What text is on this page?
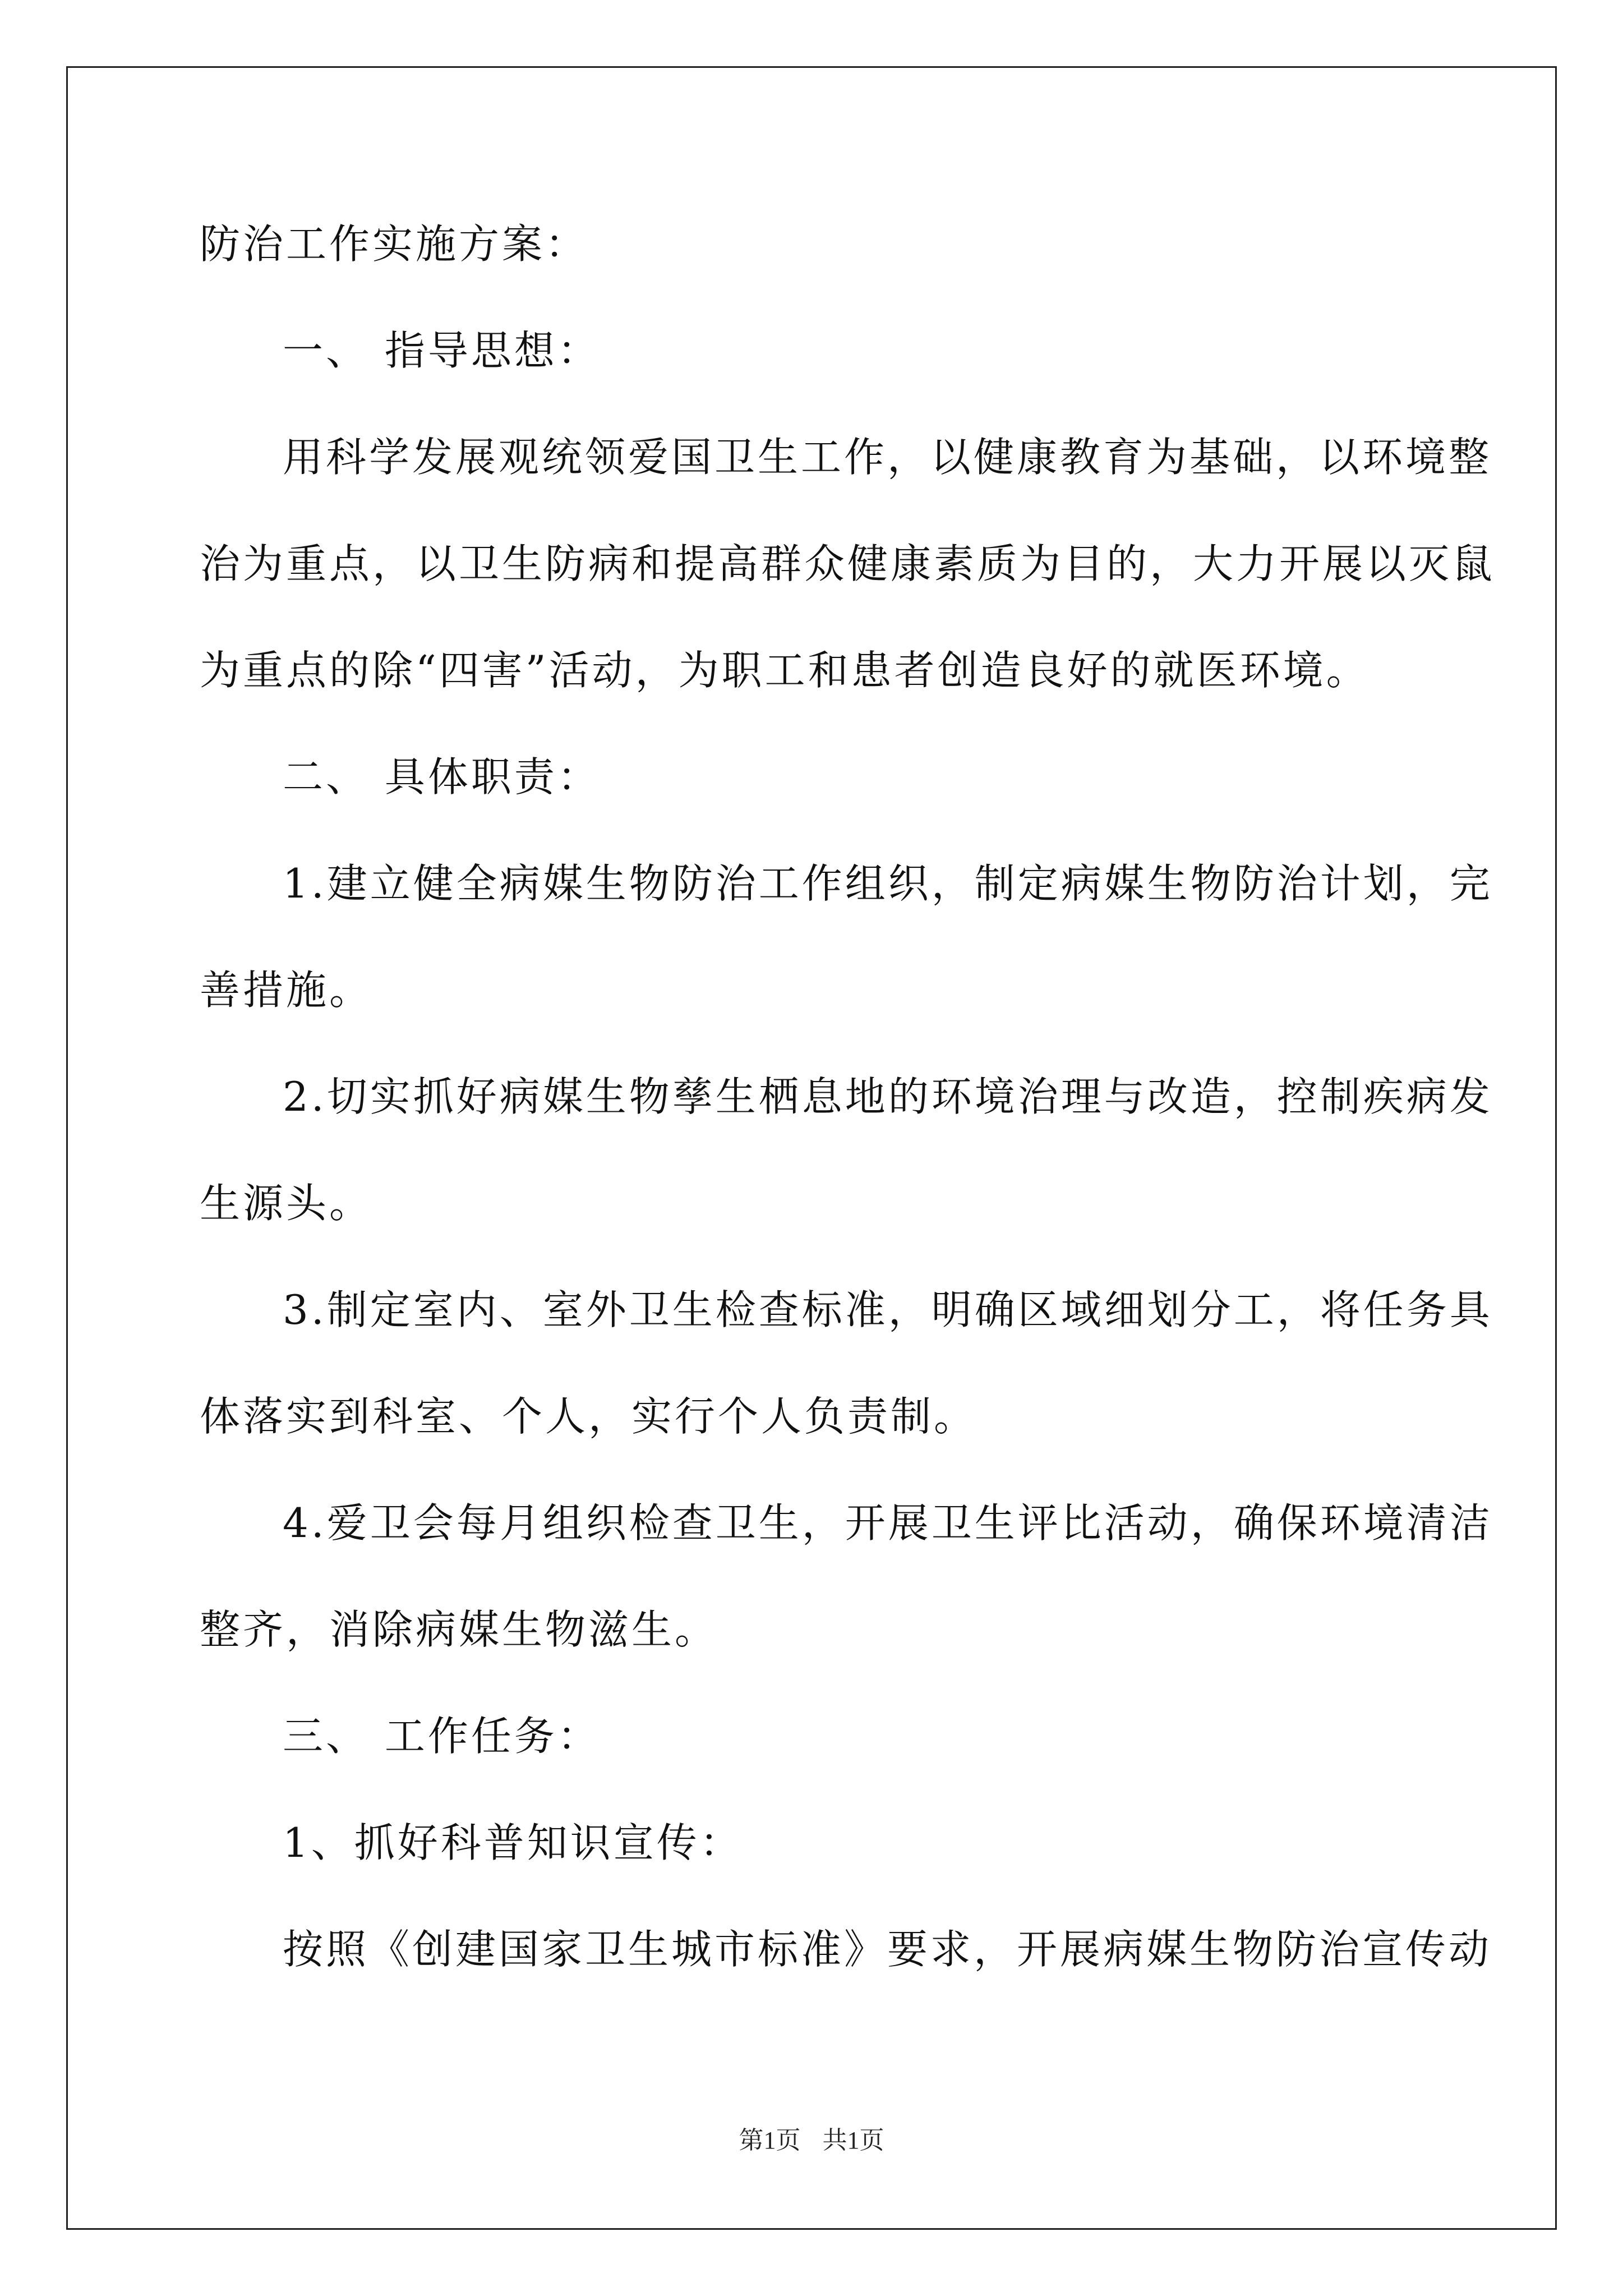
防治工作实施方案：
一、 指导思想：
用科学发展观统领爱国卫生工作，以健康教育为基础，以环境整
治为重点，以卫生防病和提高群众健康素质为目的，大力开展以灭鼠
为重点的除“四害”活动，为职工和患者创造良好的就医环境。
二、 具体职责：
1.建立健全病媒生物防治工作组织，制定病媒生物防治计划，完
善措施。
2.切实抓好病媒生物孳生栖息地的环境治理与改造，控制疾病发
生源头。
3.制定室内、室外卫生检查标准，明确区域细划分工，将任务具
体落实到科室、个人，实行个人负责制。
4.爱卫会每月组织检查卫生，开展卫生评比活动，确保环境清洁
整齐，消除病媒生物滋生。
三、 工作任务：
1、抓好科普知识宣传：
按照《创建国家卫生城市标准》要求，开展病媒生物防治宣传动
第1页 共1页
